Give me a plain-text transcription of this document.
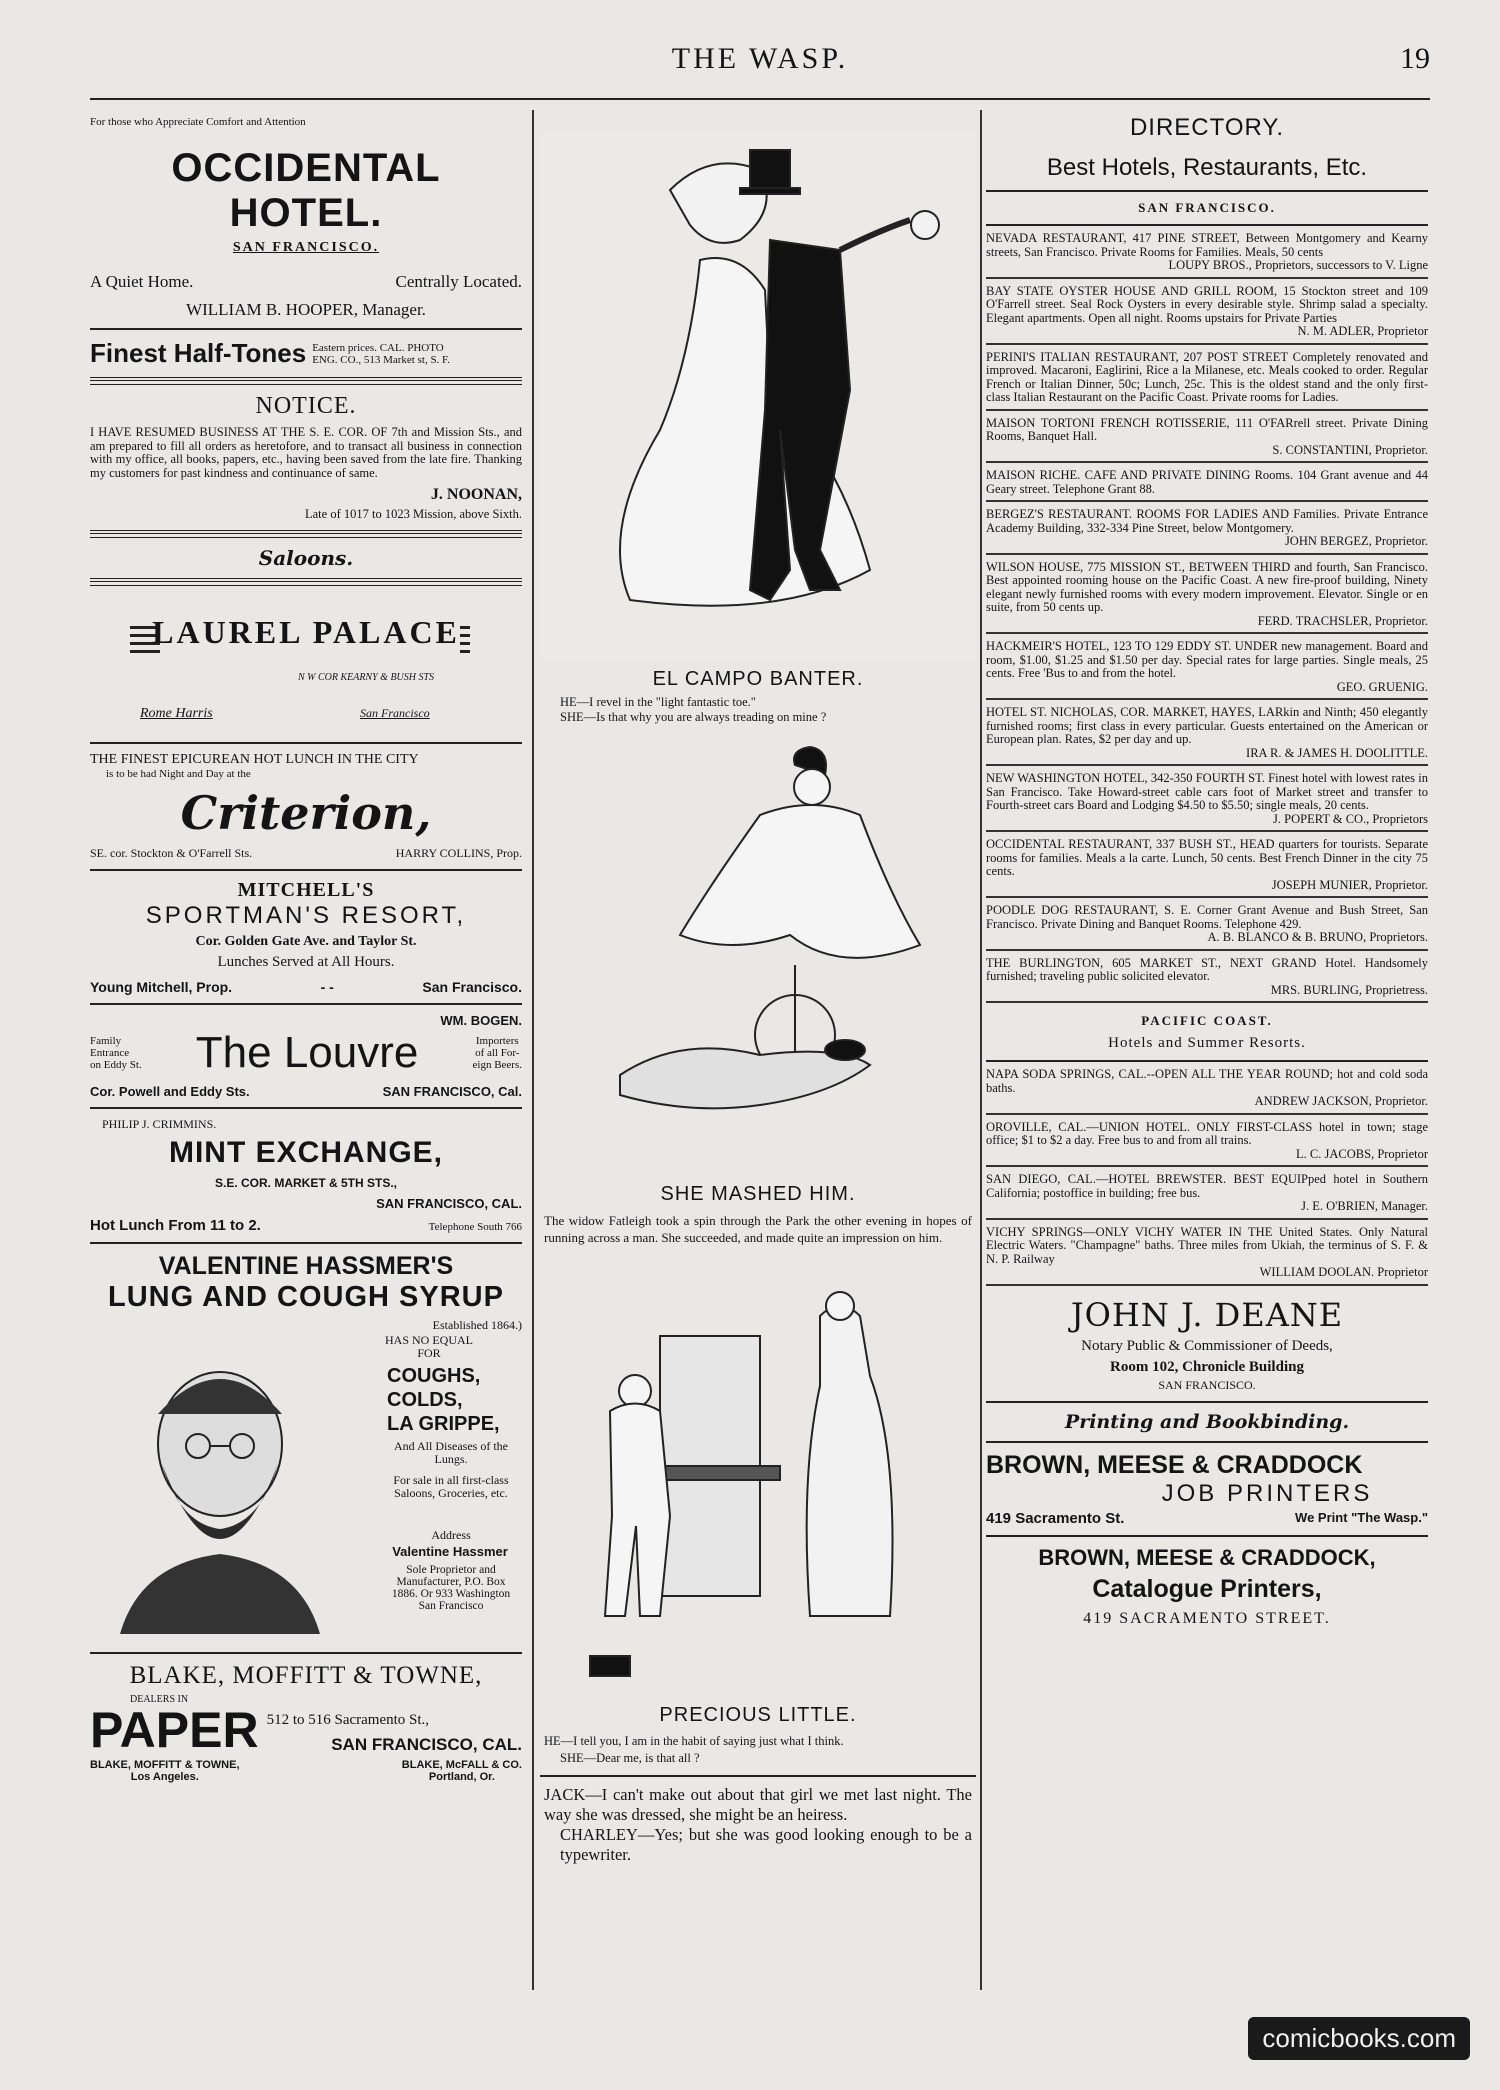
THE WASP.	19
For those who Appreciate Comfort and Attention
OCCIDENTAL HOTEL.
SAN FRANCISCO.
A Quiet Home.	Centrally Located.
WILLIAM B. HOOPER, Manager.
Finest Half-Tones Eastern prices. CAL. PHOTO
ENG. CO., 513 Market st, S. F.
NOTICE.
I HAVE RESUMED BUSINESS AT THE S. E. COR. OF 7th and Mission Sts., and am prepared to fill all orders as heretofore, and to transact all business in connection with my office, all books, papers, etc., having been saved from the late fire. Thanking my customers for past kindness and continuance of same.
J. NOONAN,
Late of 1017 to 1023 Mission, above Sixth.
Saloons.
LAUREL PALACE
N W COR KEARNY & BUSH STS
Rome Harris	San Francisco
THE FINEST EPICUREAN HOT LUNCH IN THE CITY
is to be had Night and Day at the
Criterion,
SE. cor. Stockton & O'Farrell Sts.	HARRY COLLINS, Prop.
MITCHELL'S
SPORTMAN'S RESORT,
Cor. Golden Gate Ave. and Taylor St.
Lunches Served at All Hours.
Young Mitchell, Prop.	- -	San Francisco.
WM. BOGEN.
Family
Entrance
on Eddy St. The Louvre	Importers
of all For-
eign Beers.
Cor. Powell and Eddy Sts.	SAN FRANCISCO, Cal.
PHILIP J. CRIMMINS.
MINT EXCHANGE,
S.E. COR. MARKET & 5TH STS.,
SAN FRANCISCO, CAL.
Hot Lunch From 11 to 2.	Telephone South 766
VALENTINE HASSMER'S
LUNG AND COUGH SYRUP
Established 1864.)
HAS NO EQUAL
FOR
COUGHS,
COLDS,
LA GRIPPE,
And All Diseases of the Lungs.
For sale in all first-class Saloons, Groceries, etc.
Address
Valentine Hassmer
Sole Proprietor and Manufacturer, P.O. Box 1886. Or 933 Washington San Francisco
BLAKE, MOFFITT & TOWNE,
DEALERS IN
PAPER 512 to 516 Sacramento St.,
SAN FRANCISCO, CAL.
BLAKE, MOFFITT & TOWNE,
Los Angeles.
BLAKE, McFALL & CO.
Portland, Or.
EL CAMPO BANTER.
HE—I revel in the "light fantastic toe."
SHE—Is that why you are always treading on mine ?
SHE MASHED HIM.
The widow Fatleigh took a spin through the Park the other evening in hopes of running across a man. She succeeded, and made quite an impression on him.
PRECIOUS LITTLE.
HE—I tell you, I am in the habit of saying just what I think.
SHE—Dear me, is that all ?
JACK—I can't make out about that girl we met last night. The way she was dressed, she might be an heiress.
CHARLEY—Yes; but she was good looking enough to be a typewriter.
DIRECTORY.
Best Hotels, Restaurants, Etc.
SAN FRANCISCO.
NEVADA RESTAURANT, 417 PINE STREET, Between Montgomery and Kearny streets, San Francisco. Private Rooms for Families. Meals, 50 cents
LOUPY BROS., Proprietors, successors to V. Ligne
BAY STATE OYSTER HOUSE AND GRILL ROOM, 15 Stockton street and 109 O'Farrell street. Seal Rock Oysters in every desirable style. Shrimp salad a specialty. Elegant apartments. Open all night. Rooms upstairs for Private Parties
N. M. ADLER, Proprietor
PERINI'S ITALIAN RESTAURANT, 207 POST STREET Completely renovated and improved. Macaroni, Eaglirini, Rice a la Milanese, etc. Meals cooked to order. Regular French or Italian Dinner, 50c; Lunch, 25c. This is the oldest stand and the only first-class Italian Restaurant on the Pacific Coast. Private rooms for Ladies.
MAISON TORTONI FRENCH ROTISSERIE, 111 O'FARrell street. Private Dining Rooms, Banquet Hall.
S. CONSTANTINI, Proprietor.
MAISON RICHE. CAFE AND PRIVATE DINING Rooms. 104 Grant avenue and 44 Geary street. Telephone Grant 88.
BERGEZ'S RESTAURANT. ROOMS FOR LADIES AND Families. Private Entrance Academy Building, 332-334 Pine Street, below Montgomery.
JOHN BERGEZ, Proprietor.
WILSON HOUSE, 775 MISSION ST., BETWEEN THIRD and fourth, San Francisco. Best appointed rooming house on the Pacific Coast. A new fire-proof building, Ninety elegant newly furnished rooms with every modern improvement. Elevator. Single or en suite, from 50 cents up.
FERD. TRACHSLER, Proprietor.
HACKMEIR'S HOTEL, 123 TO 129 EDDY ST. UNDER new management. Board and room, $1.00, $1.25 and $1.50 per day. Special rates for large parties. Single meals, 25 cents. Free 'Bus to and from the hotel.
GEO. GRUENIG.
HOTEL ST. NICHOLAS, COR. MARKET, HAYES, LARkin and Ninth; 450 elegantly furnished rooms; first class in every particular. Guests entertained on the American or European plan. Rates, $2 per day and up.
IRA R. & JAMES H. DOOLITTLE.
NEW WASHINGTON HOTEL, 342-350 FOURTH ST. Finest hotel with lowest rates in San Francisco. Take Howard-street cable cars foot of Market street and transfer to Fourth-street cars Board and Lodging $4.50 to $5.50; single meals, 20 cents.
J. POPERT & CO., Proprietors
OCCIDENTAL RESTAURANT, 337 BUSH ST., HEAD quarters for tourists. Separate rooms for families. Meals a la carte. Lunch, 50 cents. Best French Dinner in the city 75 cents.
JOSEPH MUNIER, Proprietor.
POODLE DOG RESTAURANT, S. E. Corner Grant Avenue and Bush Street, San Francisco. Private Dining and Banquet Rooms. Telephone 429.
A. B. BLANCO & B. BRUNO, Proprietors.
THE BURLINGTON, 605 MARKET ST., NEXT GRAND Hotel. Handsomely furnished; traveling public solicited elevator.
MRS. BURLING, Proprietress.
PACIFIC COAST.
Hotels and Summer Resorts.
NAPA SODA SPRINGS, CAL.--OPEN ALL THE YEAR ROUND; hot and cold soda baths.
ANDREW JACKSON, Proprietor.
OROVILLE, CAL.—UNION HOTEL. ONLY FIRST-CLASS hotel in town; stage office; $1 to $2 a day. Free bus to and from all trains.
L. C. JACOBS, Proprietor
SAN DIEGO, CAL.—HOTEL BREWSTER. BEST EQUIPped hotel in Southern California; postoffice in building; free bus.
J. E. O'BRIEN, Manager.
VICHY SPRINGS—ONLY VICHY WATER IN THE United States. Only Natural Electric Waters. "Champagne" baths. Three miles from Ukiah, the terminus of S. F. & N. P. Railway
WILLIAM DOOLAN. Proprietor
JOHN J. DEANE
Notary Public & Commissioner of Deeds,
Room 102, Chronicle Building
SAN FRANCISCO.
Printing and Bookbinding.
BROWN, MEESE & CRADDOCK
JOB PRINTERS
419 Sacramento St.	We Print "The Wasp."
BROWN, MEESE & CRADDOCK,
Catalogue Printers,
419 SACRAMENTO STREET.
comicbooks.com
